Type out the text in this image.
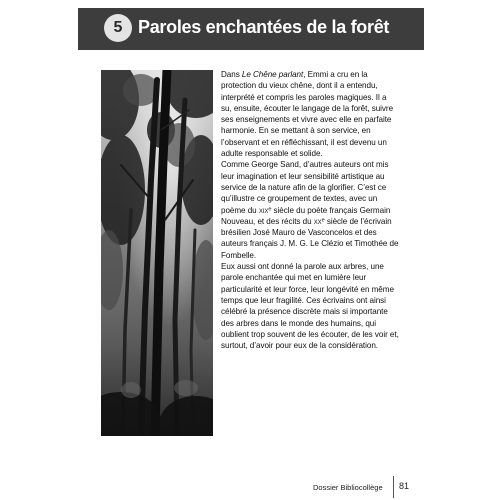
5 Paroles enchantées de la forêt

Dans Le Chêne parlant, Emmi a cru en la protection du vieux chêne, dont il a entendu, interprété et compris les paroles magiques. Il a su, ensuite, écouter le langage de la forêt, suivre ses enseignements et vivre avec elle en parfaite harmonie. En se mettant à son service, en l’observant et en réfléchissant, il est devenu un adulte responsable et solide.

Comme George Sand, d’autres auteurs ont mis leur imagination et leur sensibilité artistique au service de la nature afin de la glorifier. C’est ce qu’illustre ce groupement de textes, avec un poème du xix$^e$ siècle du poète français Germain Nouveau, et des récits du $xx^e$ siècle de l’écrivain brésilien José Mauro de Vasconcelos et des auteurs français J. M. G. Le Clézio et Timothée de Fombelle.

Eux aussi ont donné la parole aux arbres, une parole enchantée qui met en lumière leur particularité et leur force, leur longévité en même temps que leur fragilité. Ces écrivains ont ainsi célébré la présence discrète mais si importante des arbres dans le monde des humains, qui oublient trop souvent de les écouter, de les voir et, surtout, d’avoir pour eux de la considération.

Dossier Bibliocollège 81
